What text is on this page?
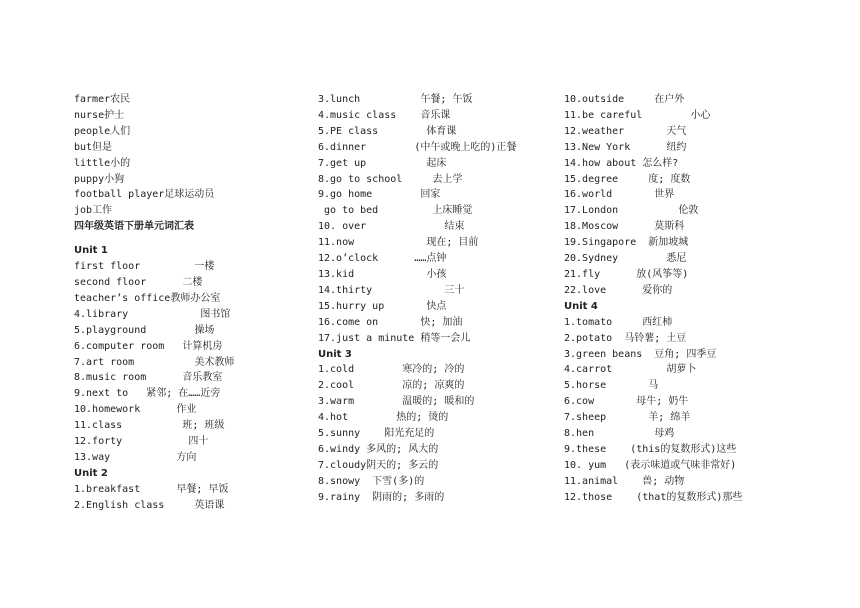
farmer农民
nurse护士
people人们
but但是
little小的
puppy小狗
football player足球运动员
job工作
四年级英语下册单元词汇表
Unit 1
first floor         一楼
second floor      二楼
teacher’s office教师办公室
4.library            图书馆
5.playground        操场
6.computer room   计算机房
7.art room          美术教师
8.music room      音乐教室
9.next to   紧邻; 在……近旁
10.homework      作业
11.class          班; 班级
12.forty           四十
13.way           方向
Unit 2
1.breakfast      早餐; 早饭
2.English class     英语课
3.lunch          午餐; 午饭
4.music class    音乐课
5.PE class        体育课
6.dinner        (中午或晚上吃的)正餐
7.get up          起床
8.go to school     去上学
9.go home        回家
go to bed         上床睡觉
10. over             结束
11.now            现在; 目前
12.o’clock      ……点钟
13.kid            小孩
14.thirty            三十
15.hurry up       快点
16.come on       快; 加油
17.just a minute 稍等一会儿
Unit 3
1.cold        寒冷的; 冷的
2.cool        凉的; 凉爽的
3.warm        温暖的; 暖和的
4.hot        热的; 烫的
5.sunny    阳光充足的
6.windy 多风的; 风大的
7.cloudy阴天的; 多云的
8.snowy  下雪(多)的
9.rainy  阴雨的; 多雨的
10.outside     在户外
11.be careful        小心
12.weather       天气
13.New York      纽约
14.how about 怎么样?
15.degree     度; 度数
16.world       世界
17.London          伦敦
18.Moscow      莫斯科
19.Singapore  新加坡城
20.Sydney        悉尼
21.fly      放(风筝等)
22.love      爱你的
Unit 4
1.tomato     西红柿
2.potato  马铃薯; 土豆
3.green beans  豆角; 四季豆
4.carrot         胡萝卜
5.horse       马
6.cow       母牛; 奶牛
7.sheep       羊; 绵羊
8.hen          母鸡
9.these    (this的复数形式)这些
10. yum   (表示味道或气味非常好)
11.animal    兽; 动物
12.those    (that的复数形式)那些
